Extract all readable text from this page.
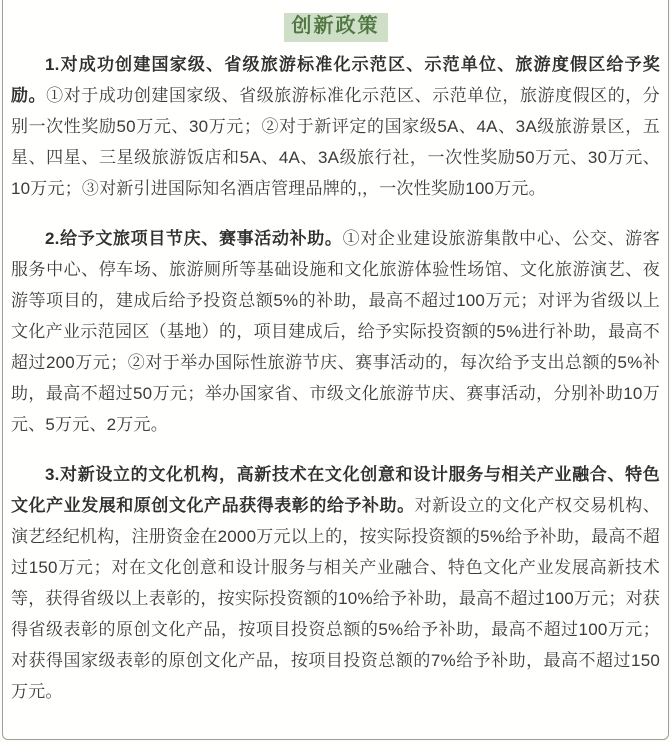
创新政策

1.对成功创建国家级、省级旅游标准化示范区、示范单位、旅游度假区给予奖励。①对于成功创建国家级、省级旅游标准化示范区、示范单位，旅游度假区的，分别一次性奖励50万元、30万元；②对于新评定的国家级5A、4A、3A级旅游景区，五星、四星、三星级旅游饭店和5A、4A、3A级旅行社，一次性奖励50万元、30万元、10万元；③对新引进国际知名酒店管理品牌的,，一次性奖励100万元。

2.给予文旅项目节庆、赛事活动补助。①对企业建设旅游集散中心、公交、游客服务中心、停车场、旅游厕所等基础设施和文化旅游体验性场馆、文化旅游演艺、夜游等项目的，建成后给予投资总额5%的补助，最高不超过100万元；对评为省级以上文化产业示范园区（基地）的，项目建成后，给予实际投资额的5%进行补助，最高不超过200万元；②对于举办国际性旅游节庆、赛事活动的，每次给予支出总额的5%补助，最高不超过50万元；举办国家省、市级文化旅游节庆、赛事活动，分别补助10万元、5万元、2万元。

3.对新设立的文化机构，高新技术在文化创意和设计服务与相关产业融合、特色文化产业发展和原创文化产品获得表彰的给予补助。对新设立的文化产权交易机构、演艺经纪机构，注册资金在2000万元以上的，按实际投资额的5%给予补助，最高不超过150万元；对在文化创意和设计服务与相关产业融合、特色文化产业发展高新技术等，获得省级以上表彰的，按实际投资额的10%给予补助，最高不超过100万元；对获得省级表彰的原创文化产品，按项目投资总额的5%给予补助，最高不超过100万元；对获得国家级表彰的原创文化产品，按项目投资总额的7%给予补助，最高不超过150万元。
